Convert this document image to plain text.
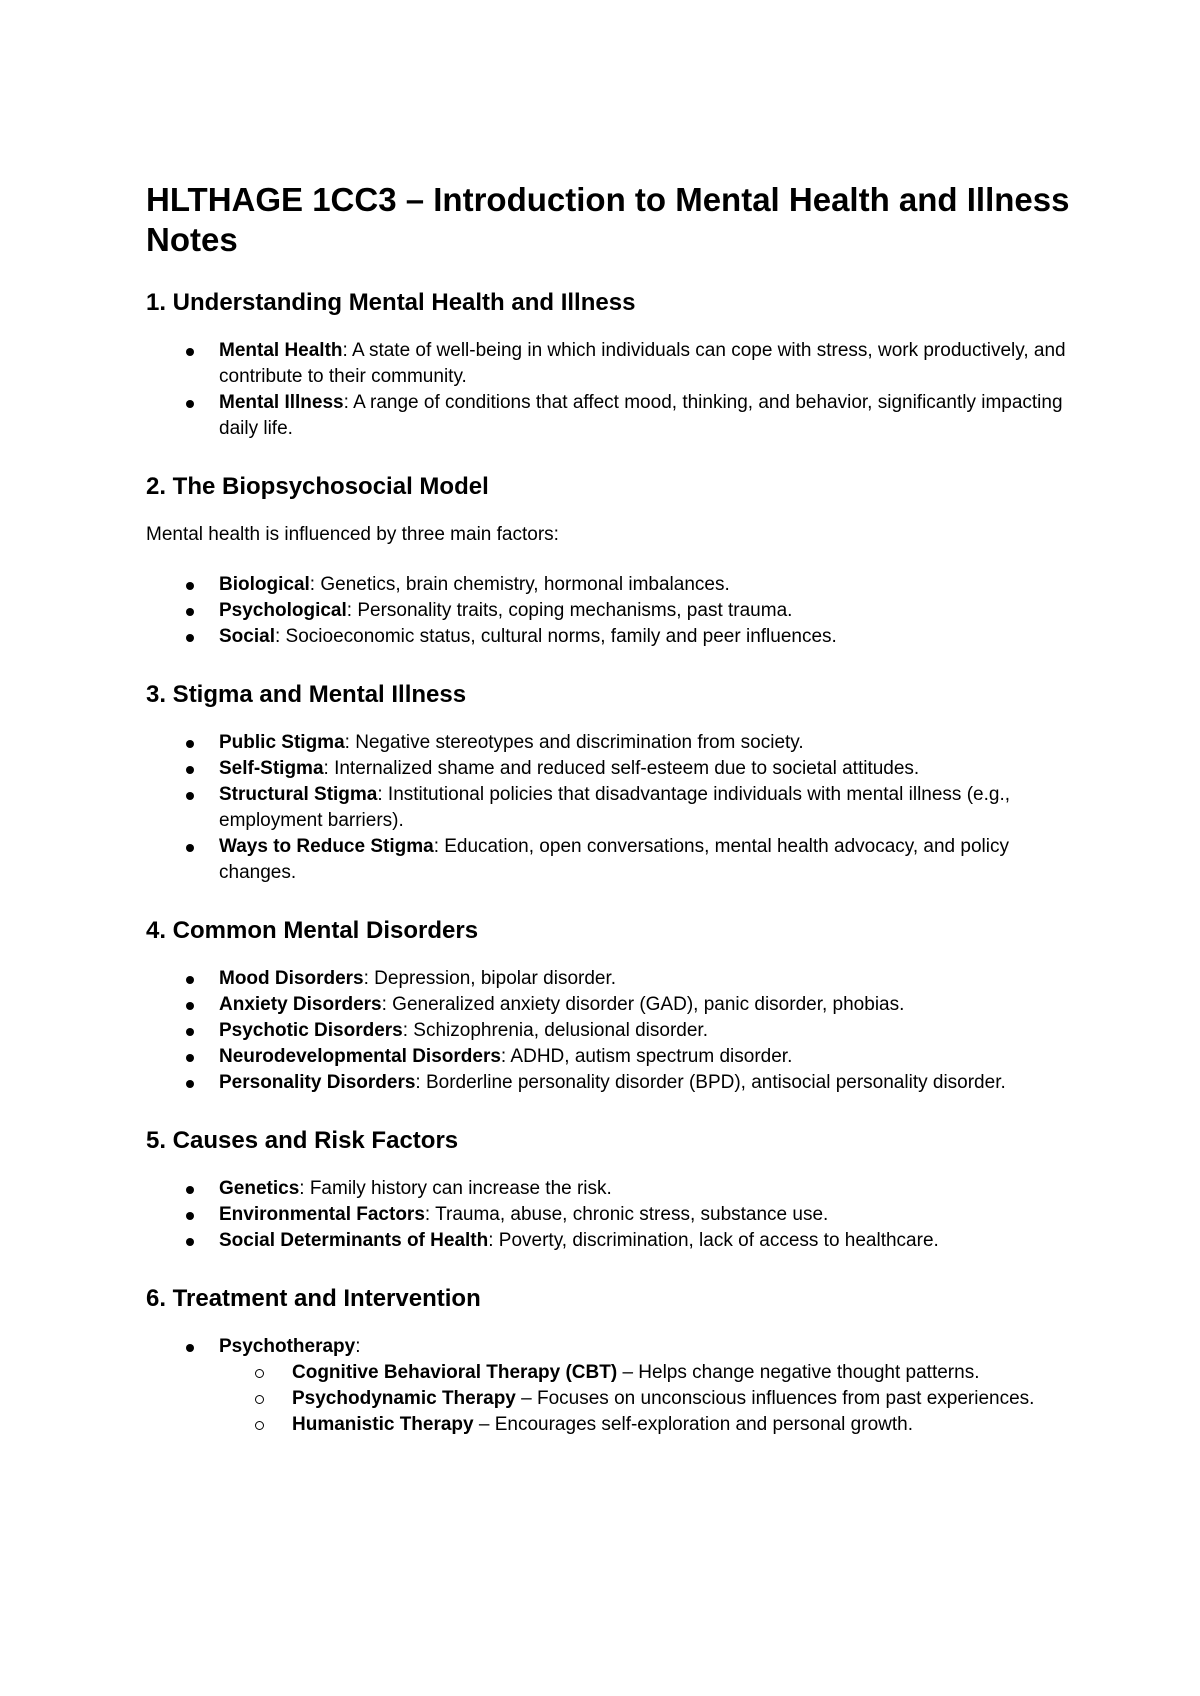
HLTHAGE 1CC3 – Introduction to Mental Health and Illness Notes
1. Understanding Mental Health and Illness
Mental Health: A state of well-being in which individuals can cope with stress, work productively, and contribute to their community.
Mental Illness: A range of conditions that affect mood, thinking, and behavior, significantly impacting daily life.
2. The Biopsychosocial Model

Mental health is influenced by three main factors:

Biological: Genetics, brain chemistry, hormonal imbalances.
Psychological: Personality traits, coping mechanisms, past trauma.
Social: Socioeconomic status, cultural norms, family and peer influences.
3. Stigma and Mental Illness
Public Stigma: Negative stereotypes and discrimination from society.
Self-Stigma: Internalized shame and reduced self-esteem due to societal attitudes.
Structural Stigma: Institutional policies that disadvantage individuals with mental illness (e.g., employment barriers).
Ways to Reduce Stigma: Education, open conversations, mental health advocacy, and policy changes.
4. Common Mental Disorders
Mood Disorders: Depression, bipolar disorder.
Anxiety Disorders: Generalized anxiety disorder (GAD), panic disorder, phobias.
Psychotic Disorders: Schizophrenia, delusional disorder.
Neurodevelopmental Disorders: ADHD, autism spectrum disorder.
Personality Disorders: Borderline personality disorder (BPD), antisocial personality disorder.
5. Causes and Risk Factors
Genetics: Family history can increase the risk.
Environmental Factors: Trauma, abuse, chronic stress, substance use.
Social Determinants of Health: Poverty, discrimination, lack of access to healthcare.
6. Treatment and Intervention
Psychotherapy:
Cognitive Behavioral Therapy (CBT) – Helps change negative thought patterns.
Psychodynamic Therapy – Focuses on unconscious influences from past experiences.
Humanistic Therapy – Encourages self-exploration and personal growth.
